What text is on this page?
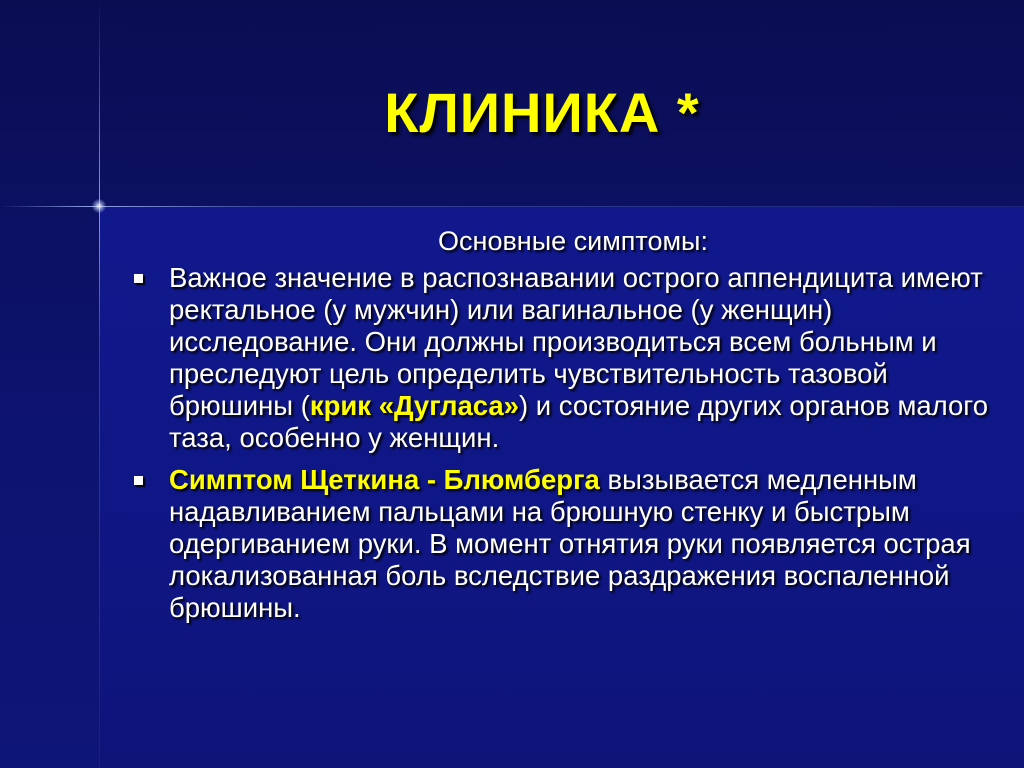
КЛИНИКА *
Основные симптомы:
Важное значение в распознавании острого аппендицита имеют ректальное (у мужчин) или вагинальное (у женщин) исследование. Они должны производиться всем больным и преследуют цель определить чувствительность тазовой брюшины (крик «Дугласа») и состояние других органов малого таза, особенно у женщин.
Симптом Щеткина - Блюмберга вызывается медленным надавливанием пальцами на брюшную стенку и быстрым одергиванием руки. В момент отнятия руки появляется острая локализованная боль вследствие раздражения воспаленной брюшины.
